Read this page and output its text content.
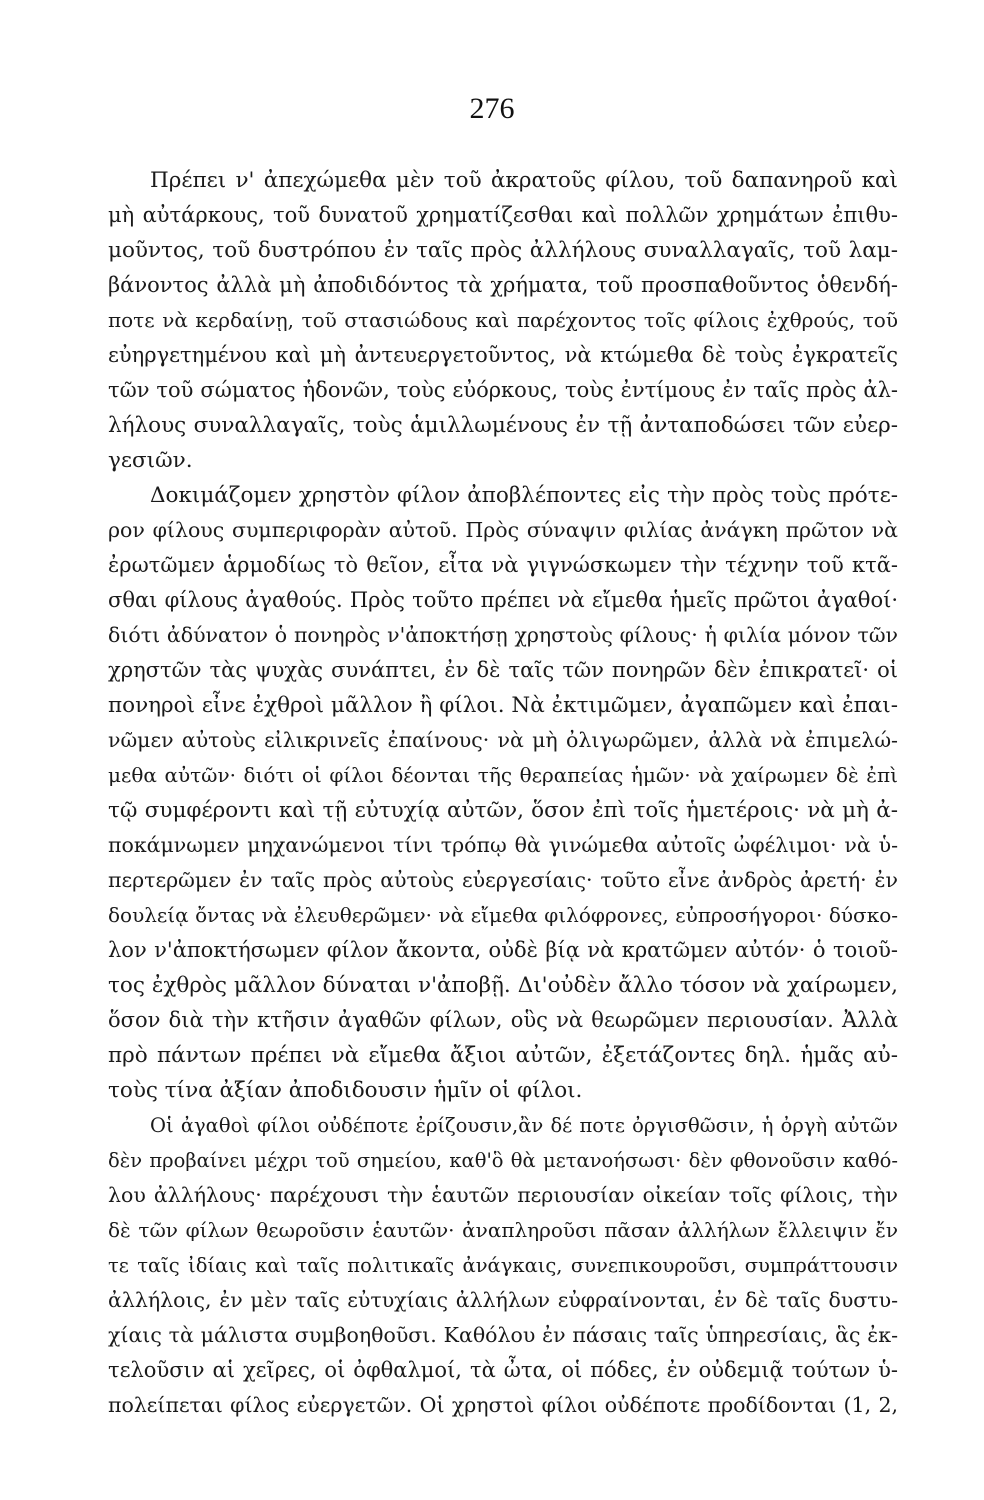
276
Πρέπει ν' ἀπεχώμεθα μὲν τοῦ ἀκρατοῦς φίλου, τοῦ δαπανηροῦ καὶ
μὴ αὐτάρκους, τοῦ δυνατοῦ χρηματίζεσθαι καὶ πολλῶν χρημάτων ἐπιθυ-
μοῦντος, τοῦ δυστρόπου ἐν ταῖς πρὸς ἀλλήλους συναλλαγαῖς, τοῦ λαμ-
βάνοντος ἀλλὰ μὴ ἀποδιδόντος τὰ χρήματα, τοῦ προσπαθοῦντος ὁθενδή-
ποτε νὰ κερδαίνῃ, τοῦ στασιώδους καὶ παρέχοντος τοῖς φίλοις ἐχθρούς, τοῦ
εὐηργετημένου καὶ μὴ ἀντευεργετοῦντος, νὰ κτώμεθα δὲ τοὺς ἐγκρατεῖς
τῶν τοῦ σώματος ἡδονῶν, τοὺς εὐόρκους, τοὺς ἐντίμους ἐν ταῖς πρὸς ἀλ-
λήλους συναλλαγαῖς, τοὺς ἁμιλλωμένους ἐν τῇ ἀνταποδώσει τῶν εὐερ-
γεσιῶν.
Δοκιμάζομεν χρηστὸν φίλον ἀποβλέποντες εἰς τὴν πρὸς τοὺς πρότε-
ρον φίλους συμπεριφορὰν αὐτοῦ. Πρὸς σύναψιν φιλίας ἀνάγκη πρῶτον νὰ
ἐρωτῶμεν ἁρμοδίως τὸ θεῖον, εἶτα νὰ γιγνώσκωμεν τὴν τέχνην τοῦ κτᾶ-
σθαι φίλους ἀγαθούς. Πρὸς τοῦτο πρέπει νὰ εἴμεθα ἡμεῖς πρῶτοι ἀγαθοί·
διότι ἀδύνατον ὁ πονηρὸς ν'ἀποκτήσῃ χρηστοὺς φίλους· ἡ φιλία μόνον τῶν
χρηστῶν τὰς ψυχὰς συνάπτει, ἐν δὲ ταῖς τῶν πονηρῶν δὲν ἐπικρατεῖ· οἱ
πονηροὶ εἶνε ἐχθροὶ μᾶλλον ἢ φίλοι. Νὰ ἐκτιμῶμεν, ἀγαπῶμεν καὶ ἐπαι-
νῶμεν αὐτοὺς εἰλικρινεῖς ἐπαίνους· νὰ μὴ ὀλιγωρῶμεν, ἀλλὰ νὰ ἐπιμελώ-
μεθα αὐτῶν· διότι οἱ φίλοι δέονται τῆς θεραπείας ἡμῶν· νὰ χαίρωμεν δὲ ἐπὶ
τῷ συμφέροντι καὶ τῇ εὐτυχίᾳ αὐτῶν, ὅσον ἐπὶ τοῖς ἡμετέροις· νὰ μὴ ἀ-
ποκάμνωμεν μηχανώμενοι τίνι τρόπῳ θὰ γινώμεθα αὐτοῖς ὠφέλιμοι· νὰ ὑ-
περτερῶμεν ἐν ταῖς πρὸς αὐτοὺς εὐεργεσίαις· τοῦτο εἶνε ἀνδρὸς ἀρετή· ἐν
δουλείᾳ ὄντας νὰ ἐλευθερῶμεν· νὰ εἴμεθα φιλόφρονες, εὐπροσήγοροι· δύσκο-
λον ν'ἀποκτήσωμεν φίλον ἄκοντα, οὐδὲ βίᾳ νὰ κρατῶμεν αὐτόν· ὁ τοιοῦ-
τος ἐχθρὸς μᾶλλον δύναται ν'ἀποβῇ. Δι'οὐδὲν ἄλλο τόσον νὰ χαίρωμεν,
ὅσον διὰ τὴν κτῆσιν ἀγαθῶν φίλων, οὓς νὰ θεωρῶμεν περιουσίαν. Ἀλλὰ
πρὸ πάντων πρέπει νὰ εἴμεθα ἄξιοι αὐτῶν, ἐξετάζοντες δηλ. ἡμᾶς αὐ-
τοὺς τίνα ἀξίαν ἀποδιδουσιν ἡμῖν οἱ φίλοι.
Οἱ ἀγαθοὶ φίλοι οὐδέποτε ἐρίζουσιν,ἂν δέ ποτε ὀργισθῶσιν, ἡ ὀργὴ αὐτῶν
δὲν προβαίνει μέχρι τοῦ σημείου, καθ'ὃ θὰ μετανοήσωσι· δὲν φθονοῦσιν καθό-
λου ἀλλήλους· παρέχουσι τὴν ἑαυτῶν περιουσίαν οἰκείαν τοῖς φίλοις, τὴν
δὲ τῶν φίλων θεωροῦσιν ἑαυτῶν· ἀναπληροῦσι πᾶσαν ἀλλήλων ἔλλειψιν ἔν
τε ταῖς ἰδίαις καὶ ταῖς πολιτικαῖς ἀνάγκαις, συνεπικουροῦσι, συμπράττουσιν
ἀλλήλοις, ἐν μὲν ταῖς εὐτυχίαις ἀλλήλων εὐφραίνονται, ἐν δὲ ταῖς δυστυ-
χίαις τὰ μάλιστα συμβοηθοῦσι. Καθόλου ἐν πάσαις ταῖς ὑπηρεσίαις, ἃς ἐκ-
τελοῦσιν αἱ χεῖρες, οἱ ὀφθαλμοί, τὰ ὦτα, οἱ πόδες, ἐν οὐδεμιᾷ τούτων ὑ-
πολείπεται φίλος εὐεργετῶν. Οἱ χρηστοὶ φίλοι οὐδέποτε προδίδονται (1, 2,
